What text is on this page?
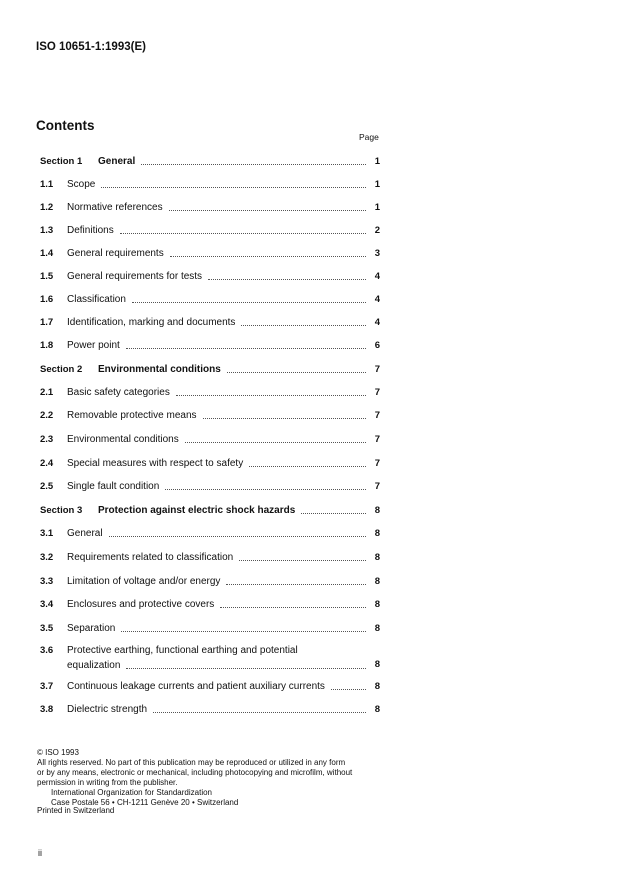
ISO 10651-1:1993(E)
Contents
Page
Section 1	General	1
1.1	Scope	1
1.2	Normative references	1
1.3	Definitions	2
1.4	General requirements	3
1.5	General requirements for tests	4
1.6	Classification	4
1.7	Identification, marking and documents	4
1.8	Power point	6
Section 2	Environmental conditions	7
2.1	Basic safety categories	7
2.2	Removable protective means	7
2.3	Environmental conditions	7
2.4	Special measures with respect to safety	7
2.5	Single fault condition	7
Section 3	Protection against electric shock hazards	8
3.1	General	8
3.2	Requirements related to classification	8
3.3	Limitation of voltage and/or energy	8
3.4	Enclosures and protective covers	8
3.5	Separation	8
3.6	Protective earthing, functional earthing and potential
equalization	8
3.7	Continuous leakage currents and patient auxiliary currents	8
3.8	Dielectric strength	8
© ISO 1993
All rights reserved. No part of this publication may be reproduced or utilized in any form
or by any means, electronic or mechanical, including photocopying and microfilm, without
permission in writing from the publisher.
International Organization for Standardization
Case Postale 56 • CH-1211 Genève 20 • Switzerland
Printed in Switzerland
ii
